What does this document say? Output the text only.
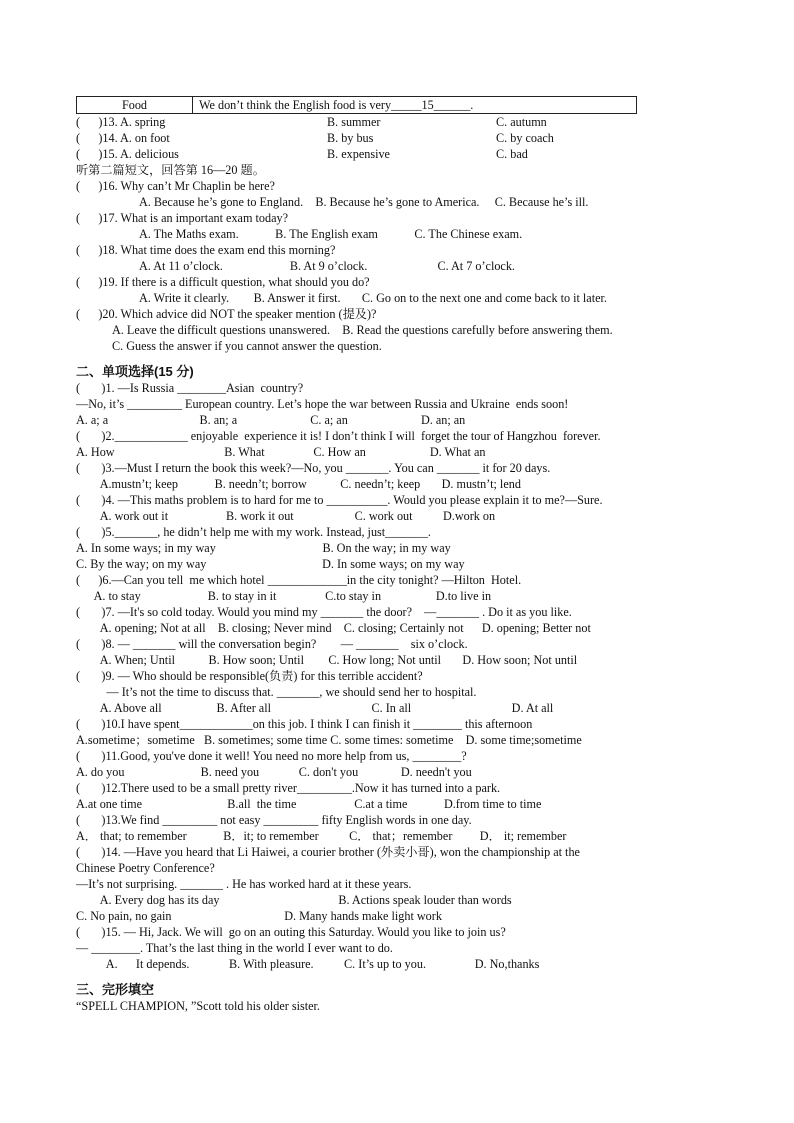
Food	We don’t think the English food is very_____15______.

(      )13. A. spring

	B. summer

	C. autumn

(      )14. A. on foot

	B. by bus

	C. by coach

(      )15. A. delicious

	B. expensive

	C. bad

听第二篇短文，回答第 16—20 题。
(      )16. Why can’t Mr Chaplin be here?
A. Because he’s gone to England.    B. Because he’s gone to America.     C. Because he’s ill.
(      )17. What is an important exam today?
A. The Maths exam.            B. The English exam            C. The Chinese exam.
(      )18. What time does the exam end this morning?
A. At 11 o’clock.                      B. At 9 o’clock.                       C. At 7 o’clock.
(      )19. If there is a difficult question, what should you do?
A. Write it clearly.        B. Answer it first.       C. Go on to the next one and come back to it later.
(      )20. Which advice did NOT the speaker mention (提及)?
A. Leave the difficult questions unanswered.    B. Read the questions carefully before answering them.
C. Guess the answer if you cannot answer the question.
二、单项选择(15 分)
(       )1. —Is Russia ________Asian  country?
—No, it’s _________ European country. Let’s hope the war between Russia and Ukraine  ends soon!
A. a; a                              B. an; a                        C. a; an                        D. an; an
(       )2.____________ enjoyable  experience it is! I don’t think I will  forget the tour of Hangzhou  forever.
A. How                                    B. What                C. How an                     D. What an
(       )3.—Must I return the book this week?—No, you _______. You can _______ it for 20 days.
A.mustn’t; keep            B. needn’t; borrow           C. needn’t; keep       D. mustn’t; lend
(       )4. —This maths problem is to hard for me to __________. Would you please explain it to me?—Sure.
A. work out it                   B. work it out                    C. work out          D.work on
(       )5._______, he didn’t help me with my work. Instead, just_______.
A. In some ways; in my way                                   B. On the way; in my way
C. By the way; on my way                                      D. In some ways; on my way
(      )6.—Can you tell  me which hotel _____________in the city tonight? —Hilton  Hotel.
A. to stay                      B. to stay in it                C.to stay in                  D.to live in
(       )7. —It's so cold today. Would you mind my _______ the door?    —_______ . Do it as you like.
A. opening; Not at all    B. closing; Never mind    C. closing; Certainly not      D. opening; Better not
(       )8. — _______ will the conversation begin?        — _______    six o’clock.
A. When; Until           B. How soon; Until        C. How long; Not until       D. How soon; Not until
(       )9. — Who should be responsible(负责) for this terrible accident?
— It’s not the time to discuss that. _______, we should send her to hospital.
A. Above all                  B. After all                                 C. In all                                 D. At all
(       )10.I have spent____________on this job. I think I can finish it ________ this afternoon
A.sometime；sometime   B. sometimes; some time C. some times: sometime    D. some time;sometime
(       )11.Good, you've done it well! You need no more help from us, ________?
A. do you                         B. need you             C. don't you              D. needn't you
(       )12.There used to be a small pretty river_________.Now it has turned into a park.
A.at one time                            B.all  the time                   C.at a time            D.from time to time
(       )13.We find _________ not easy _________ fifty English words in one day.
A． that; to remember            B．it; to remember          C． that；remember         D． it; remember
(       )14. —Have you heard that Li Haiwei, a courier brother (外卖小哥), won the championship at the
Chinese Poetry Conference?
—It’s not surprising. _______ . He has worked hard at it these years.
A. Every dog has its day                                       B. Actions speak louder than words
C. No pain, no gain                                     D. Many hands make light work
(       )15. — Hi, Jack. We will  go on an outing this Saturday. Would you like to join us?
— ________. That’s the last thing in the world I ever want to do.
A.      It depends.             B. With pleasure.          C. It’s up to you.                D. No,thanks
三、完形填空
“SPELL CHAMPION, ”Scott told his older sister.
